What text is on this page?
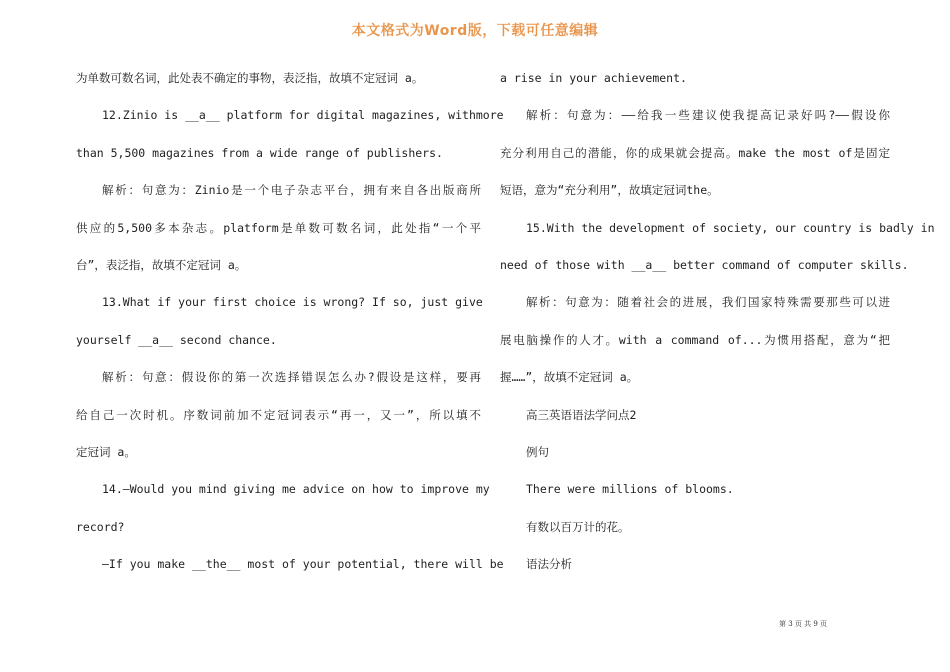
本文格式为Word版，下载可任意编辑
为单数可数名词，此处表不确定的事物，表泛指，故填不定冠词 a。
12.Zinio is __a__ platform for digital magazines, withmore
than 5,500 magazines from a wide range of publishers.
解析：句意为：Zinio是一个电子杂志平台，拥有来自各出版商所
供应的5,500多本杂志。platform是单数可数名词，此处指“一个平
台”，表泛指，故填不定冠词 a。
13.What if your first choice is wrong? If so, just give
yourself __a__ second chance.
解析：句意：假设你的第一次选择错误怎么办?假设是这样，要再
给自己一次时机。序数词前加不定冠词表示“再一，又一”，所以填不
定冠词 a。
14.—Would you mind giving me advice on how to improve my
record?
—If you make __the__ most of your potential, there will be
a rise in your achievement.
解析：句意为：——给我一些建议使我提高记录好吗?——假设你
充分利用自己的潜能，你的成果就会提高。make the most of是固定
短语，意为“充分利用”，故填定冠词the。
15.With the development of society, our country is badly in
need of those with __a__ better command of computer skills.
解析：句意为：随着社会的进展，我们国家特殊需要那些可以进
展电脑操作的人才。with a command of...为惯用搭配，意为“把
握……”，故填不定冠词 a。
高三英语语法学问点2
例句
There were millions of blooms.
有数以百万计的花。
语法分析
第 3 页 共 9 页
